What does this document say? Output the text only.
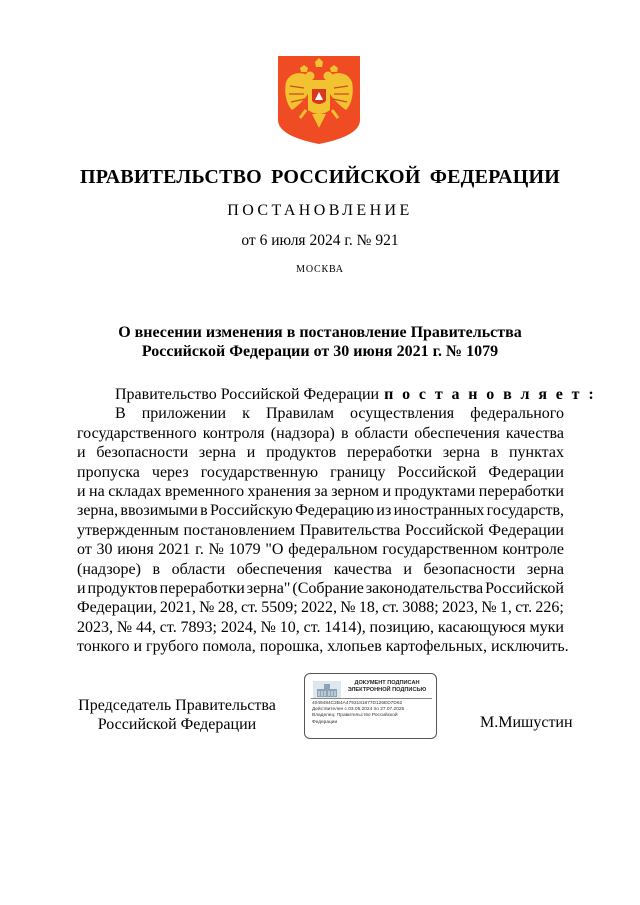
ПРАВИТЕЛЬСТВО РОССИЙСКОЙ ФЕДЕРАЦИИ
ПОСТАНОВЛЕНИЕ
от 6 июля 2024 г. № 921
МОСКВА
О внесении изменения в постановление Правительства
Российской Федерации от 30 июня 2021 г. № 1079
Правительство Российской Федерации п о с т а н о в л я е т :
В приложении к Правилам осуществления федерального
государственного контроля (надзора) в области обеспечения качества
и безопасности зерна и продуктов переработки зерна в пунктах
пропуска через государственную границу Российской Федерации
и на складах временного хранения за зерном и продуктами переработки
зерна, ввозимыми в Российскую Федерацию из иностранных государств,
утвержденным постановлением Правительства Российской Федерации
от 30 июня 2021 г. № 1079 "О федеральном государственном контроле
(надзоре) в области обеспечения качества и безопасности зерна
и продуктов переработки зерна" (Собрание законодательства Российской
Федерации, 2021, № 28, ст. 5509; 2022, № 18, ст. 3088; 2023, № 1, ст. 226;
2023, № 44, ст. 7893; 2024, № 10, ст. 1414), позицию, касающуюся муки
тонкого и грубого помола, порошка, хлопьев картофельных, исключить.
Председатель Правительства
Российской Федерации
ДОКУМЕНТ ПОДПИСАН
ЭЛЕКТРОННОЙ ПОДПИСЬЮ
4049484C2B4A4793181877D126ED7D62
Действителен с 03.05.2024 по 27.07.2025
Владелец: Правительство Российской
Федерации	М.Мишустин
